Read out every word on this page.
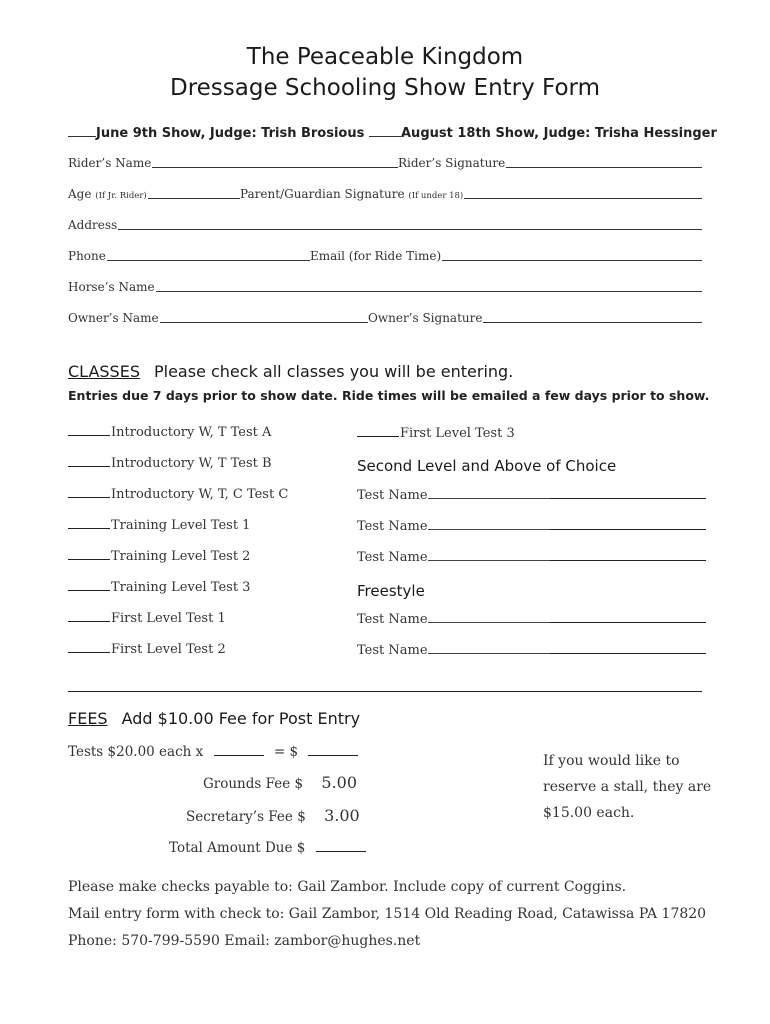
The Peaceable Kingdom
Dressage Schooling Show Entry Form
June 9th Show, Judge: Trish Brosious	August 18th Show, Judge: Trisha Hessinger
Rider’s Name	Rider’s Signature
Age (If Jr. Rider)	Parent/Guardian Signature (If under 18)
Address
Phone	Email (for Ride Time)
Horse’s Name
Owner’s Name	Owner’s Signature
CLASSES Please check all classes you will be entering.
Entries due 7 days prior to show date. Ride times will be emailed a few days prior to show.
Introductory W, T Test A
Introductory W, T Test B
Introductory W, T, C Test C
Training Level Test 1
Training Level Test 2
Training Level Test 3
First Level Test 1
First Level Test 2
First Level Test 3
Second Level and Above of Choice
Test Name
Test Name
Test Name
Freestyle
Test Name
Test Name
FEES Add $10.00 Fee for Post Entry
Tests $20.00 each x	= $
Grounds Fee $ 5.00
Secretary’s Fee $ 3.00
Total Amount Due $
If you would like to reserve a stall, they are $15.00 each.
Please make checks payable to: Gail Zambor. Include copy of current Coggins.
Mail entry form with check to: Gail Zambor, 1514 Old Reading Road, Catawissa PA 17820
Phone: 570-799-5590 Email: zambor@hughes.net
